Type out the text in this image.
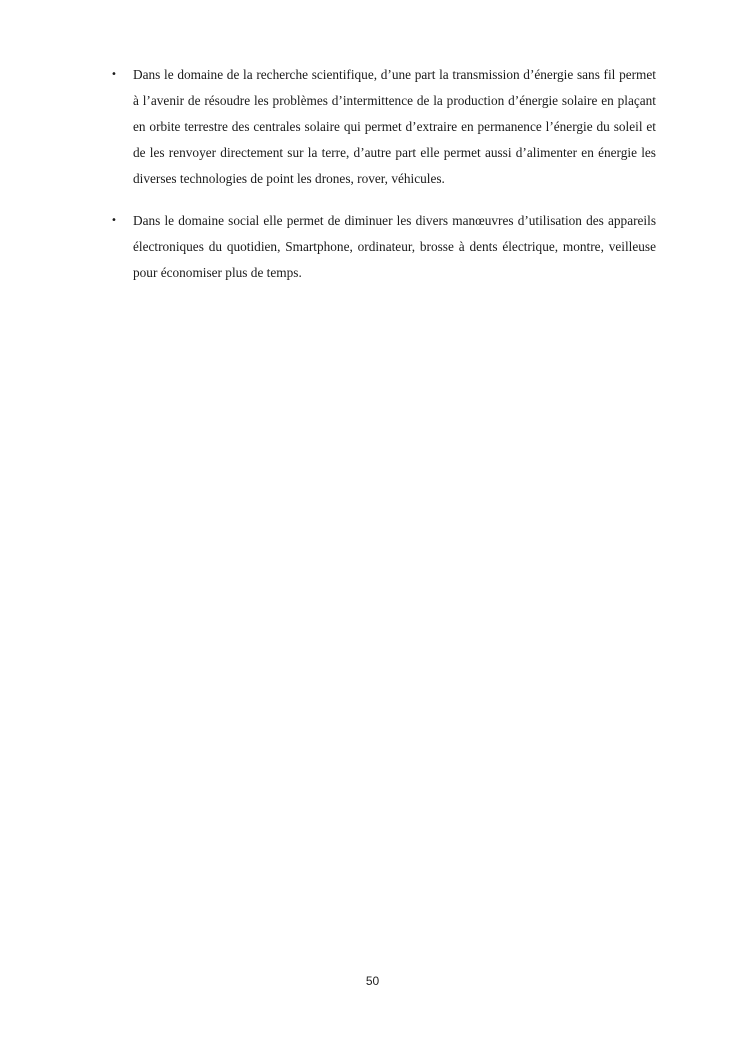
• Dans le domaine de la recherche scientifique, d’une part la transmission d’énergie sans fil permet à l’avenir de résoudre les problèmes d’intermittence de la production d’énergie solaire en plaçant en orbite terrestre des centrales solaire qui permet d’extraire en permanence l’énergie du soleil et de les renvoyer directement sur la terre, d’autre part elle permet aussi d’alimenter en énergie les diverses technologies de point les drones, rover, véhicules.
• Dans le domaine social elle permet de diminuer les divers manœuvres d’utilisation des appareils électroniques du quotidien, Smartphone, ordinateur, brosse à dents électrique, montre, veilleuse pour économiser plus de temps.
50
